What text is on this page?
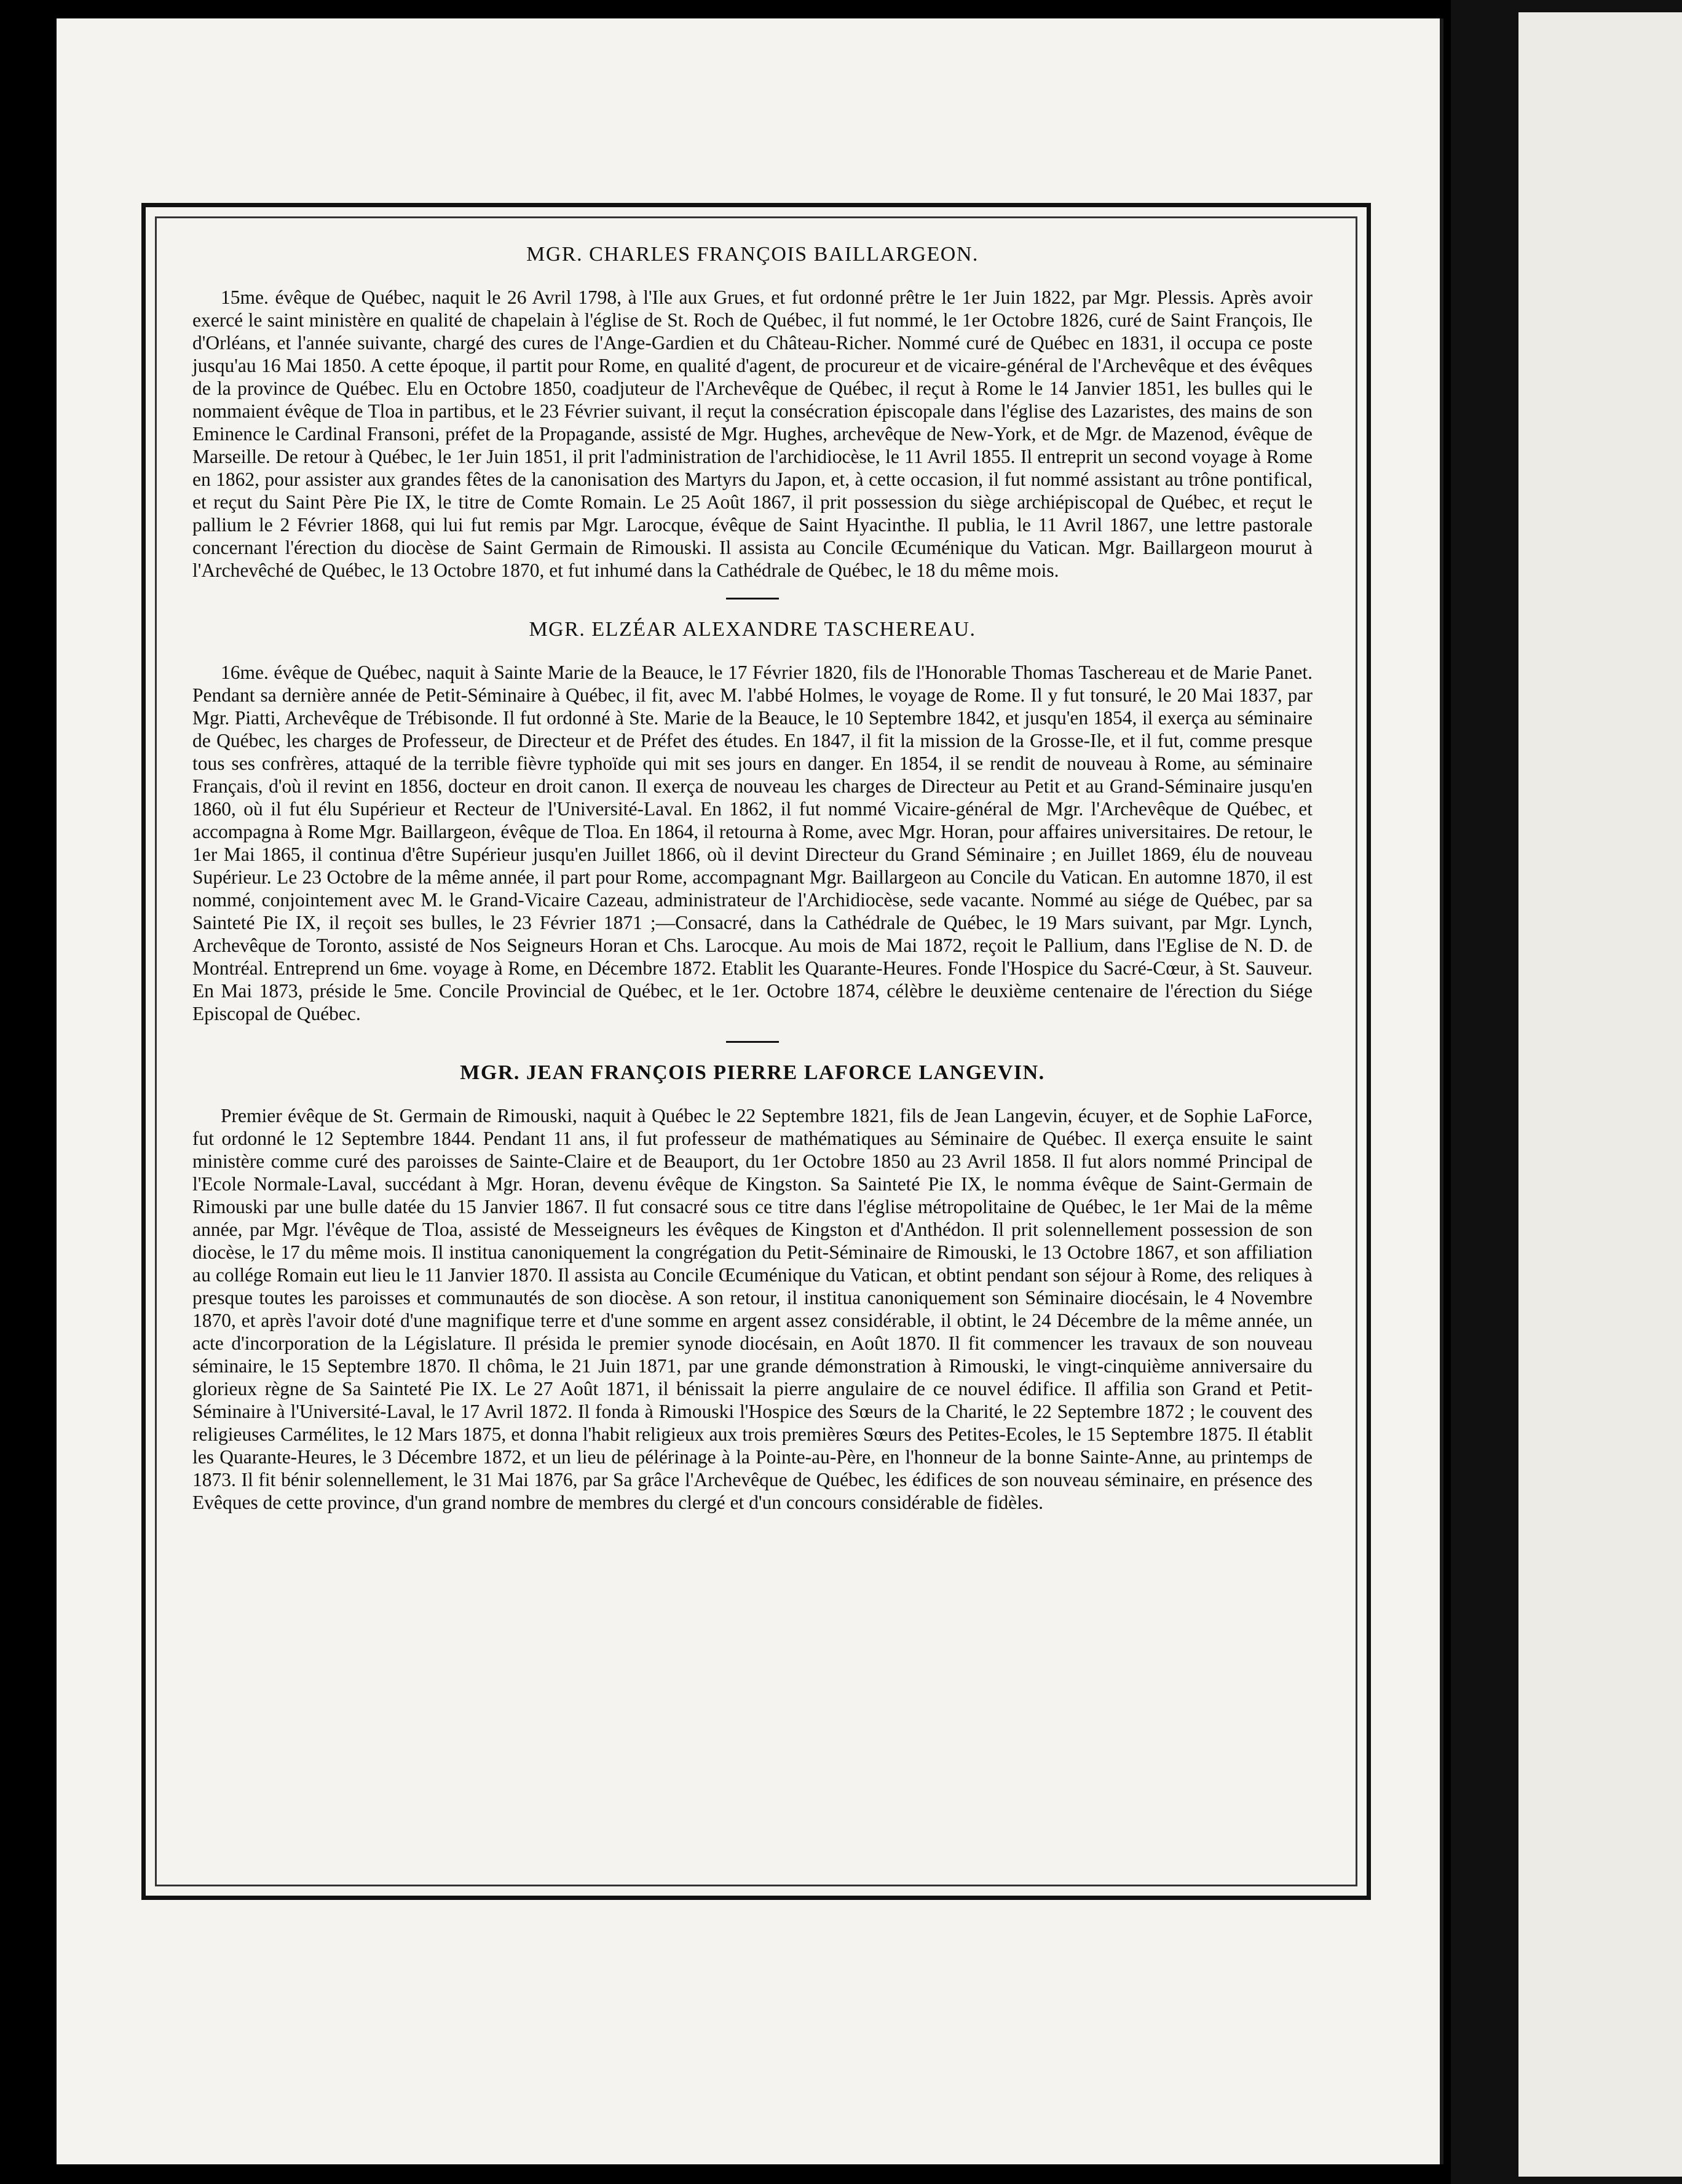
MGR. CHARLES FRANÇOIS BAILLARGEON.

15me. évêque de Québec, naquit le 26 Avril 1798, à l'Ile aux Grues, et fut ordonné prêtre le 1er Juin 1822, par Mgr. Plessis. Après avoir exercé le saint ministère en qualité de chapelain à l'église de St. Roch de Québec, il fut nommé, le 1er Octobre 1826, curé de Saint François, Ile d'Orléans, et l'année suivante, chargé des cures de l'Ange-Gardien et du Château-Richer. Nommé curé de Québec en 1831, il occupa ce poste jusqu'au 16 Mai 1850. A cette époque, il partit pour Rome, en qualité d'agent, de procureur et de vicaire-général de l'Archevêque et des évêques de la province de Québec. Elu en Octobre 1850, coadjuteur de l'Archevêque de Québec, il reçut à Rome le 14 Janvier 1851, les bulles qui le nommaient évêque de Tloa in partibus, et le 23 Février suivant, il reçut la consécration épiscopale dans l'église des Lazaristes, des mains de son Eminence le Cardinal Fransoni, préfet de la Propagande, assisté de Mgr. Hughes, archevêque de New-York, et de Mgr. de Mazenod, évêque de Marseille. De retour à Québec, le 1er Juin 1851, il prit l'administration de l'archidiocèse, le 11 Avril 1855. Il entreprit un second voyage à Rome en 1862, pour assister aux grandes fêtes de la canonisation des Martyrs du Japon, et, à cette occasion, il fut nommé assistant au trône pontifical, et reçut du Saint Père Pie IX, le titre de Comte Romain. Le 25 Août 1867, il prit possession du siège archiépiscopal de Québec, et reçut le pallium le 2 Février 1868, qui lui fut remis par Mgr. Larocque, évêque de Saint Hyacinthe. Il publia, le 11 Avril 1867, une lettre pastorale concernant l'érection du diocèse de Saint Germain de Rimouski. Il assista au Concile Œcuménique du Vatican. Mgr. Baillargeon mourut à l'Archevêché de Québec, le 13 Octobre 1870, et fut inhumé dans la Cathédrale de Québec, le 18 du même mois.

MGR. ELZÉAR ALEXANDRE TASCHEREAU.

16me. évêque de Québec, naquit à Sainte Marie de la Beauce, le 17 Février 1820, fils de l'Honorable Thomas Taschereau et de Marie Panet. Pendant sa dernière année de Petit-Séminaire à Québec, il fit, avec M. l'abbé Holmes, le voyage de Rome. Il y fut tonsuré, le 20 Mai 1837, par Mgr. Piatti, Archevêque de Trébisonde. Il fut ordonné à Ste. Marie de la Beauce, le 10 Septembre 1842, et jusqu'en 1854, il exerça au séminaire de Québec, les charges de Professeur, de Directeur et de Préfet des études. En 1847, il fit la mission de la Grosse-Ile, et il fut, comme presque tous ses confrères, attaqué de la terrible fièvre typhoïde qui mit ses jours en danger. En 1854, il se rendit de nouveau à Rome, au séminaire Français, d'où il revint en 1856, docteur en droit canon. Il exerça de nouveau les charges de Directeur au Petit et au Grand-Séminaire jusqu'en 1860, où il fut élu Supérieur et Recteur de l'Université-Laval. En 1862, il fut nommé Vicaire-général de Mgr. l'Archevêque de Québec, et accompagna à Rome Mgr. Baillargeon, évêque de Tloa. En 1864, il retourna à Rome, avec Mgr. Horan, pour affaires universitaires. De retour, le 1er Mai 1865, il continua d'être Supérieur jusqu'en Juillet 1866, où il devint Directeur du Grand Séminaire ; en Juillet 1869, élu de nouveau Supérieur. Le 23 Octobre de la même année, il part pour Rome, accompagnant Mgr. Baillargeon au Concile du Vatican. En automne 1870, il est nommé, conjointement avec M. le Grand-Vicaire Cazeau, administrateur de l'Archidiocèse, sede vacante. Nommé au siége de Québec, par sa Sainteté Pie IX, il reçoit ses bulles, le 23 Février 1871 ;—Consacré, dans la Cathédrale de Québec, le 19 Mars suivant, par Mgr. Lynch, Archevêque de Toronto, assisté de Nos Seigneurs Horan et Chs. Larocque. Au mois de Mai 1872, reçoit le Pallium, dans l'Eglise de N. D. de Montréal. Entreprend un 6me. voyage à Rome, en Décembre 1872. Etablit les Quarante-Heures. Fonde l'Hospice du Sacré-Cœur, à St. Sauveur. En Mai 1873, préside le 5me. Concile Provincial de Québec, et le 1er. Octobre 1874, célèbre le deuxième centenaire de l'érection du Siége Episcopal de Québec.

MGR. JEAN FRANÇOIS PIERRE LAFORCE LANGEVIN.

Premier évêque de St. Germain de Rimouski, naquit à Québec le 22 Septembre 1821, fils de Jean Langevin, écuyer, et de Sophie LaForce, fut ordonné le 12 Septembre 1844. Pendant 11 ans, il fut professeur de mathématiques au Séminaire de Québec. Il exerça ensuite le saint ministère comme curé des paroisses de Sainte-Claire et de Beauport, du 1er Octobre 1850 au 23 Avril 1858. Il fut alors nommé Principal de l'Ecole Normale-Laval, succédant à Mgr. Horan, devenu évêque de Kingston. Sa Sainteté Pie IX, le nomma évêque de Saint-Germain de Rimouski par une bulle datée du 15 Janvier 1867. Il fut consacré sous ce titre dans l'église métropolitaine de Québec, le 1er Mai de la même année, par Mgr. l'évêque de Tloa, assisté de Messeigneurs les évêques de Kingston et d'Anthédon. Il prit solennellement possession de son diocèse, le 17 du même mois. Il institua canoniquement la congrégation du Petit-Séminaire de Rimouski, le 13 Octobre 1867, et son affiliation au collége Romain eut lieu le 11 Janvier 1870. Il assista au Concile Œcuménique du Vatican, et obtint pendant son séjour à Rome, des reliques à presque toutes les paroisses et communautés de son diocèse. A son retour, il institua canoniquement son Séminaire diocésain, le 4 Novembre 1870, et après l'avoir doté d'une magnifique terre et d'une somme en argent assez considérable, il obtint, le 24 Décembre de la même année, un acte d'incorporation de la Législature. Il présida le premier synode diocésain, en Août 1870. Il fit commencer les travaux de son nouveau séminaire, le 15 Septembre 1870. Il chôma, le 21 Juin 1871, par une grande démonstration à Rimouski, le vingt-cinquième anniversaire du glorieux règne de Sa Sainteté Pie IX. Le 27 Août 1871, il bénissait la pierre angulaire de ce nouvel édifice. Il affilia son Grand et Petit-Séminaire à l'Université-Laval, le 17 Avril 1872. Il fonda à Rimouski l'Hospice des Sœurs de la Charité, le 22 Septembre 1872 ; le couvent des religieuses Carmélites, le 12 Mars 1875, et donna l'habit religieux aux trois premières Sœurs des Petites-Ecoles, le 15 Septembre 1875. Il établit les Quarante-Heures, le 3 Décembre 1872, et un lieu de pélérinage à la Pointe-au-Père, en l'honneur de la bonne Sainte-Anne, au printemps de 1873. Il fit bénir solennellement, le 31 Mai 1876, par Sa grâce l'Archevêque de Québec, les édifices de son nouveau séminaire, en présence des Evêques de cette province, d'un grand nombre de membres du clergé et d'un concours considérable de fidèles.
